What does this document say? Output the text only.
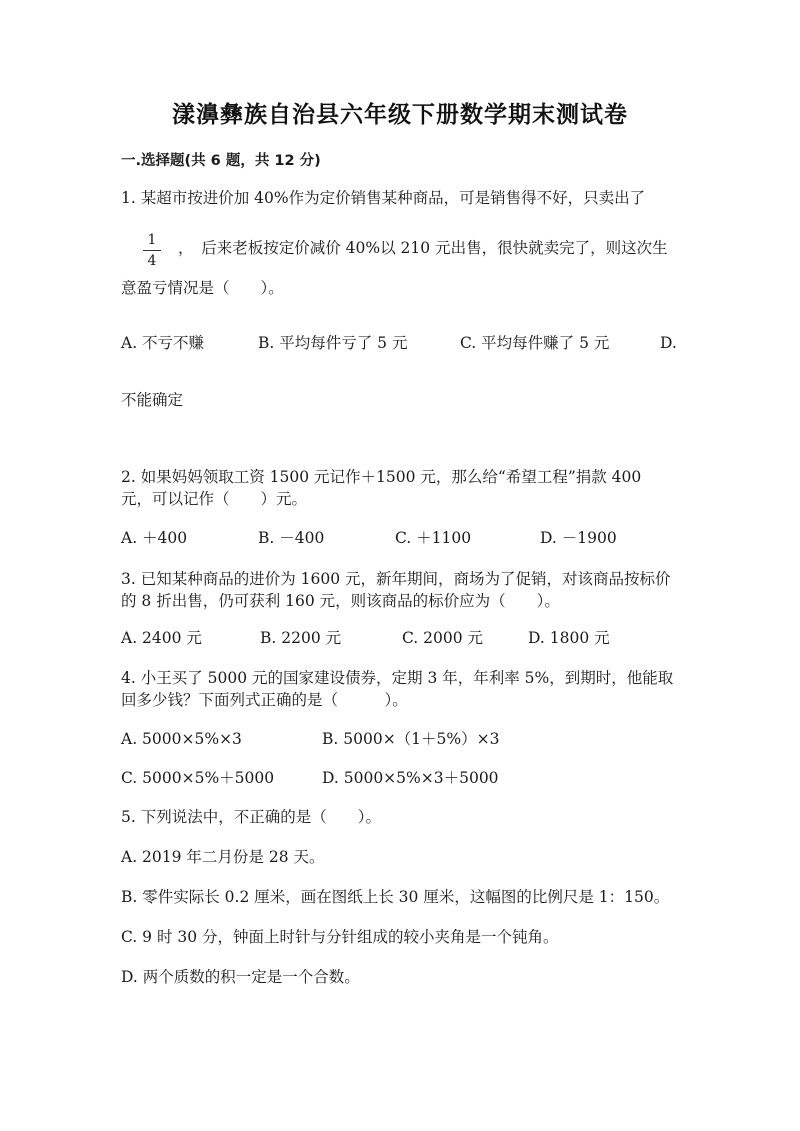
漾濞彝族自治县六年级下册数学期末测试卷
一.选择题(共 6 题，共 12 分)
1. 某超市按进价加 40%作为定价销售某种商品，可是销售得不好，只卖出了
1
4
，　后来老板按定价减价 40%以 210 元出售，很快就卖完了，则这次生
意盈亏情况是（　　）。
A. 不亏不赚	B. 平均每件亏了 5 元	C. 平均每件赚了 5 元	D.
不能确定
2. 如果妈妈领取工资 1500 元记作＋1500 元，那么给“希望工程”捐款 400
元，可以记作（　　）元。
A. ＋400	B. －400	C. ＋1100	D. －1900
3. 已知某种商品的进价为 1600 元，新年期间，商场为了促销，对该商品按标价
的 8 折出售，仍可获利 160 元，则该商品的标价应为（　　）。
A. 2400 元	B. 2200 元	C. 2000 元	D. 1800 元
4. 小王买了 5000 元的国家建设债券，定期 3 年，年利率 5%，到期时，他能取
回多少钱？下面列式正确的是（　　　）。
A. 5000×5%×3	B. 5000×（1＋5%）×3
C. 5000×5%＋5000	D. 5000×5%×3＋5000
5. 下列说法中，不正确的是（　　）。
A. 2019 年二月份是 28 天。
B. 零件实际长 0.2 厘米，画在图纸上长 30 厘米，这幅图的比例尺是 1：150。
C. 9 时 30 分，钟面上时针与分针组成的较小夹角是一个钝角。
D. 两个质数的积一定是一个合数。
